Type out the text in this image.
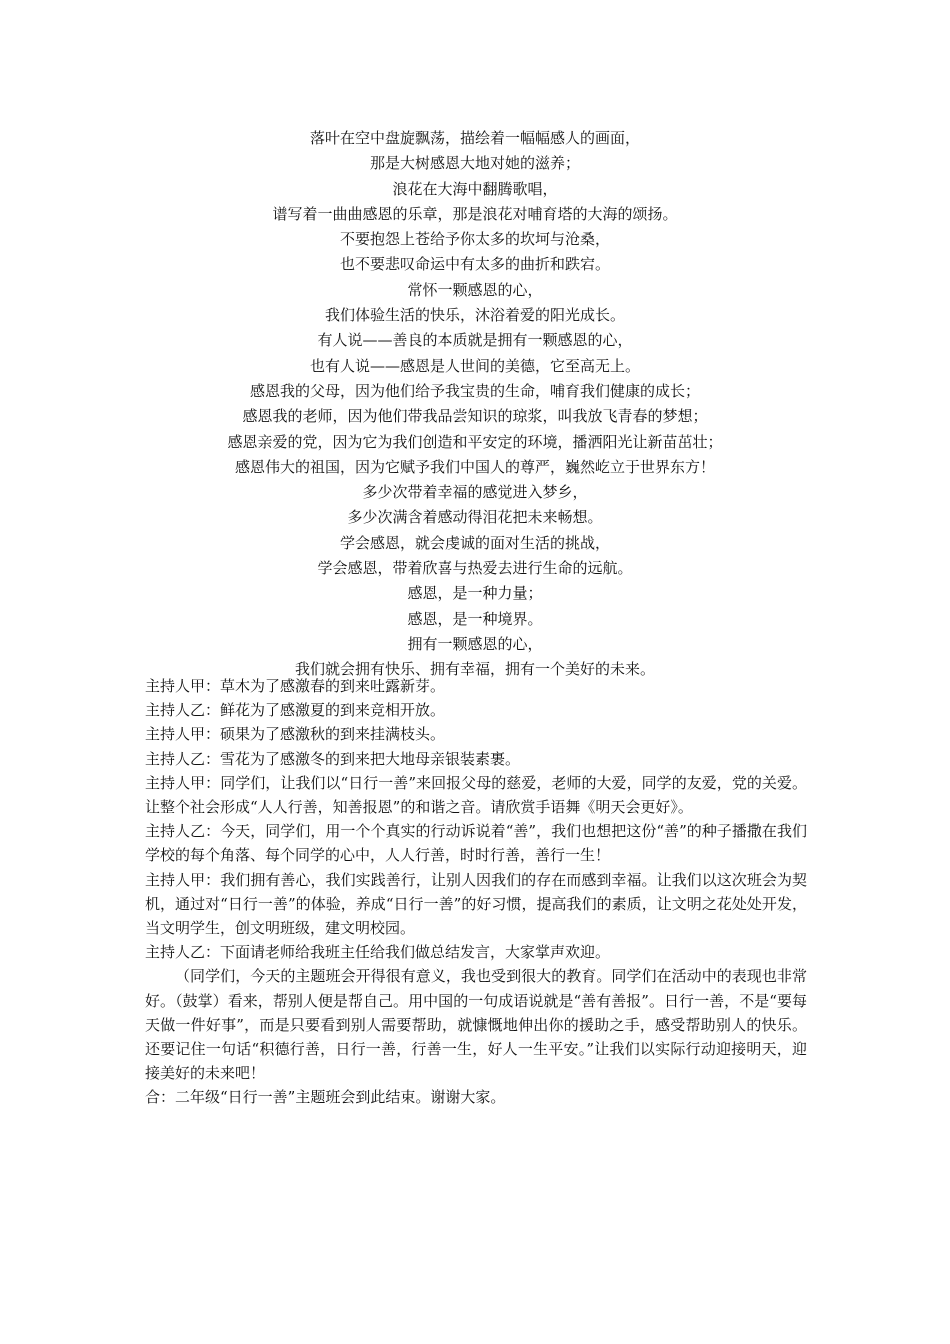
落叶在空中盘旋飘荡，描绘着一幅幅感人的画面，
那是大树感恩大地对她的滋养；
浪花在大海中翻腾歌唱，
谱写着一曲曲感恩的乐章，那是浪花对哺育塔的大海的颂扬。
不要抱怨上苍给予你太多的坎坷与沧桑，
也不要悲叹命运中有太多的曲折和跌宕。
常怀一颗感恩的心，
我们体验生活的快乐，沐浴着爱的阳光成长。
有人说——善良的本质就是拥有一颗感恩的心，
也有人说——感恩是人世间的美德，它至高无上。
感恩我的父母，因为他们给予我宝贵的生命，哺育我们健康的成长；
感恩我的老师，因为他们带我品尝知识的琼浆，叫我放飞青春的梦想；
感恩亲爱的党，因为它为我们创造和平安定的环境，播洒阳光让新苗茁壮；
感恩伟大的祖国，因为它赋予我们中国人的尊严，巍然屹立于世界东方！
多少次带着幸福的感觉进入梦乡，
多少次满含着感动得泪花把未来畅想。
学会感恩，就会虔诚的面对生活的挑战，
学会感恩，带着欣喜与热爱去进行生命的远航。
感恩，是一种力量；
感恩，是一种境界。
拥有一颗感恩的心，
我们就会拥有快乐、拥有幸福，拥有一个美好的未来。

主持人甲：草木为了感激春的到来吐露新芽。

主持人乙：鲜花为了感激夏的到来竞相开放。

主持人甲：硕果为了感激秋的到来挂满枝头。

主持人乙：雪花为了感激冬的到来把大地母亲银装素裹。

主持人甲：同学们，让我们以“日行一善”来回报父母的慈爱，老师的大爱，同学的友爱，党的关爱。让整个社会形成“人人行善，知善报恩”的和谐之音。请欣赏手语舞《明天会更好》。

主持人乙：今天，同学们，用一个个真实的行动诉说着“善”，我们也想把这份“善”的种子播撒在我们学校的每个角落、每个同学的心中，人人行善，时时行善，善行一生！

主持人甲：我们拥有善心，我们实践善行，让别人因我们的存在而感到幸福。让我们以这次班会为契机，通过对“日行一善”的体验，养成“日行一善”的好习惯，提高我们的素质，让文明之花处处开发，当文明学生，创文明班级，建文明校园。

主持人乙：下面请老师给我班主任给我们做总结发言，大家掌声欢迎。

（同学们，今天的主题班会开得很有意义，我也受到很大的教育。同学们在活动中的表现也非常好。（鼓掌）看来，帮别人便是帮自己。用中国的一句成语说就是“善有善报”。日行一善，不是“要每天做一件好事”，而是只要看到别人需要帮助，就慷慨地伸出你的援助之手，感受帮助别人的快乐。还要记住一句话“积德行善，日行一善，行善一生，好人一生平安。”让我们以实际行动迎接明天，迎接美好的未来吧！

合：二年级“日行一善”主题班会到此结束。谢谢大家。
